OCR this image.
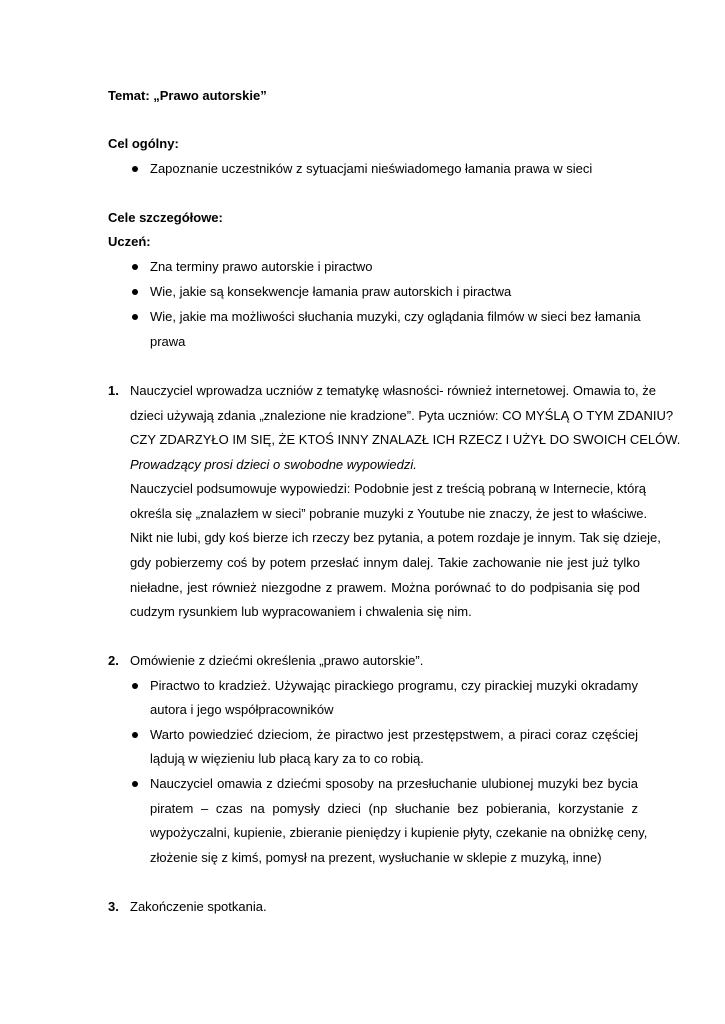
Temat: „Prawo autorskie”
Cel ogólny:
Zapoznanie uczestników z sytuacjami nieświadomego łamania prawa w sieci
Cele szczegółowe:
Uczeń:
Zna terminy prawo autorskie i piractwo
Wie, jakie są konsekwencje łamania praw autorskich i piractwa
Wie, jakie ma możliwości słuchania muzyki, czy oglądania filmów w sieci bez łamania
prawa
1. Nauczyciel wprowadza uczniów z tematykę własności- również internetowej. Omawia to, że
dzieci używają zdania „znalezione nie kradzione”. Pyta uczniów: CO MYŚLĄ O TYM ZDANIU?
CZY ZDARZYŁO IM SIĘ, ŻE KTOŚ INNY ZNALAZŁ ICH RZECZ I UŻYŁ DO SWOICH CELÓW.
Prowadzący prosi dzieci o swobodne wypowiedzi.
Nauczyciel podsumowuje wypowiedzi: Podobnie jest z treścią pobraną w Internecie, którą
określa się „znalazłem w sieci” pobranie muzyki z Youtube nie znaczy, że jest to właściwe.
Nikt nie lubi, gdy koś bierze ich rzeczy bez pytania, a potem rozdaje je innym. Tak się dzieje,
gdy pobierzemy coś by potem przesłać innym dalej. Takie zachowanie nie jest już tylko
nieładne, jest również niezgodne z prawem. Można porównać to do podpisania się pod
cudzym rysunkiem lub wypracowaniem i chwalenia się nim.
2. Omówienie z dziećmi określenia „prawo autorskie”.
Piractwo to kradzież. Używając pirackiego programu, czy pirackiej muzyki okradamy
autora i jego współpracowników
Warto powiedzieć dzieciom, że piractwo jest przestępstwem, a piraci coraz częściej
lądują w więzieniu lub płacą kary za to co robią.
Nauczyciel omawia z dziećmi sposoby na przesłuchanie ulubionej muzyki bez bycia
piratem – czas na pomysły dzieci (np słuchanie bez pobierania, korzystanie z
wypożyczalni, kupienie, zbieranie pieniędzy i kupienie płyty, czekanie na obniżkę ceny,
złożenie się z kimś, pomysł na prezent, wysłuchanie w sklepie z muzyką, inne)
3. Zakończenie spotkania.
